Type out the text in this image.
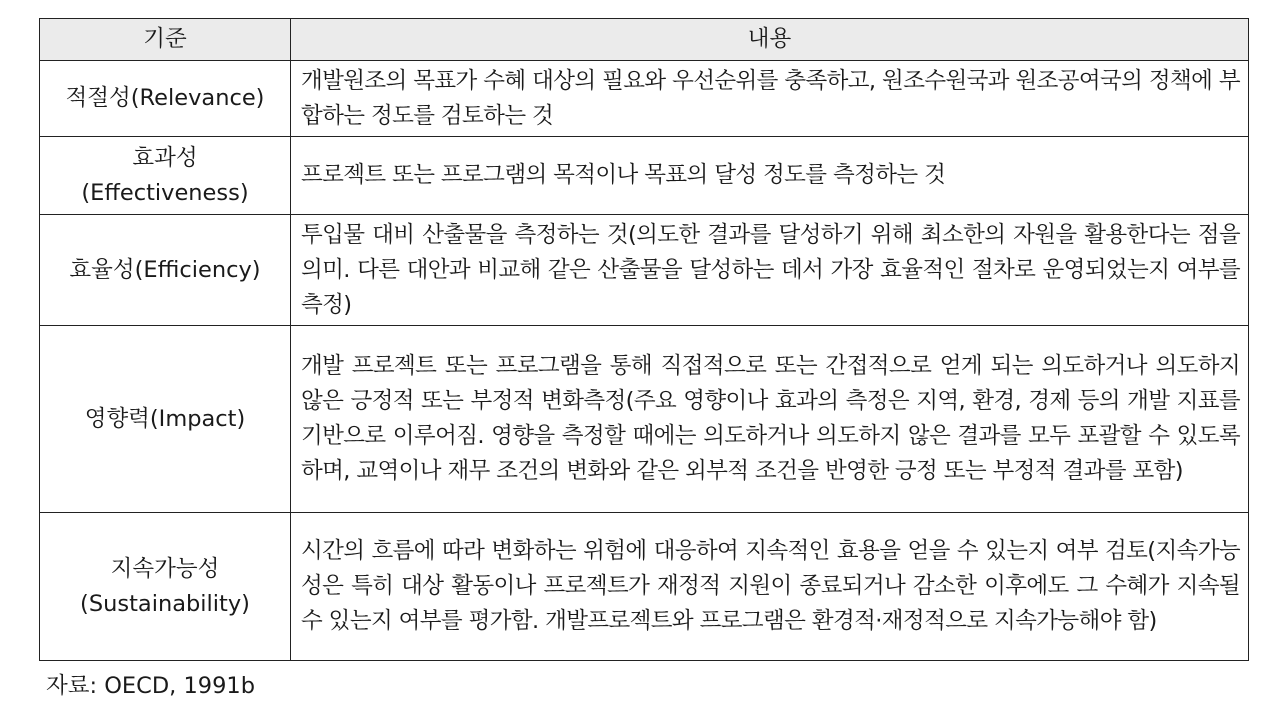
기준	내용

적절성(Relevance)	개발원조의 목표가 수혜 대상의 필요와 우선순위를 충족하고, 원조수원국과 원조공여국의 정책에 부합하는 정도를 검토하는 것

효과성
(Effectiveness)	프로젝트 또는 프로그램의 목적이나 목표의 달성 정도를 측정하는 것

효율성(Efficiency)	투입물 대비 산출물을 측정하는 것(의도한 결과를 달성하기 위해 최소한의 자원을 활용한다는 점을 의미. 다른 대안과 비교해 같은 산출물을 달성하는 데서 가장 효율적인 절차로 운영되었는지 여부를 측정)

영향력(Impact)	개발 프로젝트 또는 프로그램을 통해 직접적으로 또는 간접적으로 얻게 되는 의도하거나 의도하지 않은 긍정적 또는 부정적 변화측정(주요 영향이나 효과의 측정은 지역, 환경, 경제 등의 개발 지표를 기반으로 이루어짐. 영향을 측정할 때에는 의도하거나 의도하지 않은 결과를 모두 포괄할 수 있도록 하며, 교역이나 재무 조건의 변화와 같은 외부적 조건을 반영한 긍정 또는 부정적 결과를 포함)

지속가능성
(Sustainability)	시간의 흐름에 따라 변화하는 위험에 대응하여 지속적인 효용을 얻을 수 있는지 여부 검토(지속가능성은 특히 대상 활동이나 프로젝트가 재정적 지원이 종료되거나 감소한 이후에도 그 수혜가 지속될 수 있는지 여부를 평가함. 개발프로젝트와 프로그램은 환경적·재정적으로 지속가능해야 함)

자료: OECD, 1991b
